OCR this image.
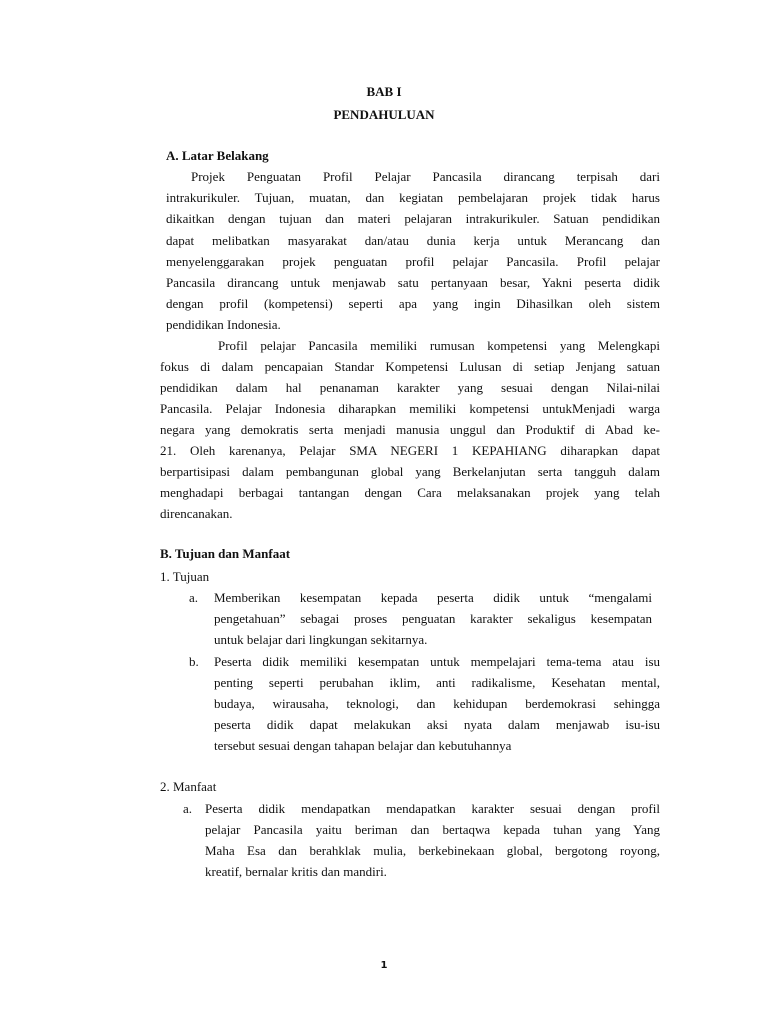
BAB I
PENDAHULUAN
A. Latar Belakang
Projek Penguatan Profil Pelajar Pancasila dirancang terpisah dari
intrakurikuler. Tujuan, muatan, dan kegiatan pembelajaran projek tidak harus
dikaitkan dengan tujuan dan materi pelajaran intrakurikuler. Satuan pendidikan
dapat melibatkan masyarakat dan/atau dunia kerja untuk Merancang dan
menyelenggarakan projek penguatan profil pelajar Pancasila. Profil pelajar
Pancasila dirancang untuk menjawab satu pertanyaan besar, Yakni peserta didik
dengan profil (kompetensi) seperti apa yang ingin Dihasilkan oleh sistem
pendidikan Indonesia.
Profil pelajar Pancasila memiliki rumusan kompetensi yang Melengkapi
fokus di dalam pencapaian Standar Kompetensi Lulusan di setiap Jenjang satuan
pendidikan dalam hal penanaman karakter yang sesuai dengan Nilai-nilai
Pancasila. Pelajar Indonesia diharapkan memiliki kompetensi untukMenjadi warga
negara yang demokratis serta menjadi manusia unggul dan Produktif di Abad ke-
21. Oleh karenanya, Pelajar SMA NEGERI 1 KEPAHIANG diharapkan dapat
berpartisipasi dalam pembangunan global yang Berkelanjutan serta tangguh dalam
menghadapi berbagai tantangan dengan Cara melaksanakan projek yang telah
direncanakan.
B. Tujuan dan Manfaat
1. Tujuan
a. Memberikan kesempatan kepada peserta didik untuk “mengalami
pengetahuan” sebagai proses penguatan karakter sekaligus kesempatan
untuk belajar dari lingkungan sekitarnya.
b. Peserta didik memiliki kesempatan untuk mempelajari tema-tema atau isu
penting seperti perubahan iklim, anti radikalisme, Kesehatan mental,
budaya, wirausaha, teknologi, dan kehidupan berdemokrasi sehingga
peserta didik dapat melakukan aksi nyata dalam menjawab isu-isu
tersebut sesuai dengan tahapan belajar dan kebutuhannya
2. Manfaat
a. Peserta didik mendapatkan mendapatkan karakter sesuai dengan profil
pelajar Pancasila yaitu beriman dan bertaqwa kepada tuhan yang Yang
Maha Esa dan berahklak mulia, berkebinekaan global, bergotong royong,
kreatif, bernalar kritis dan mandiri.
1
